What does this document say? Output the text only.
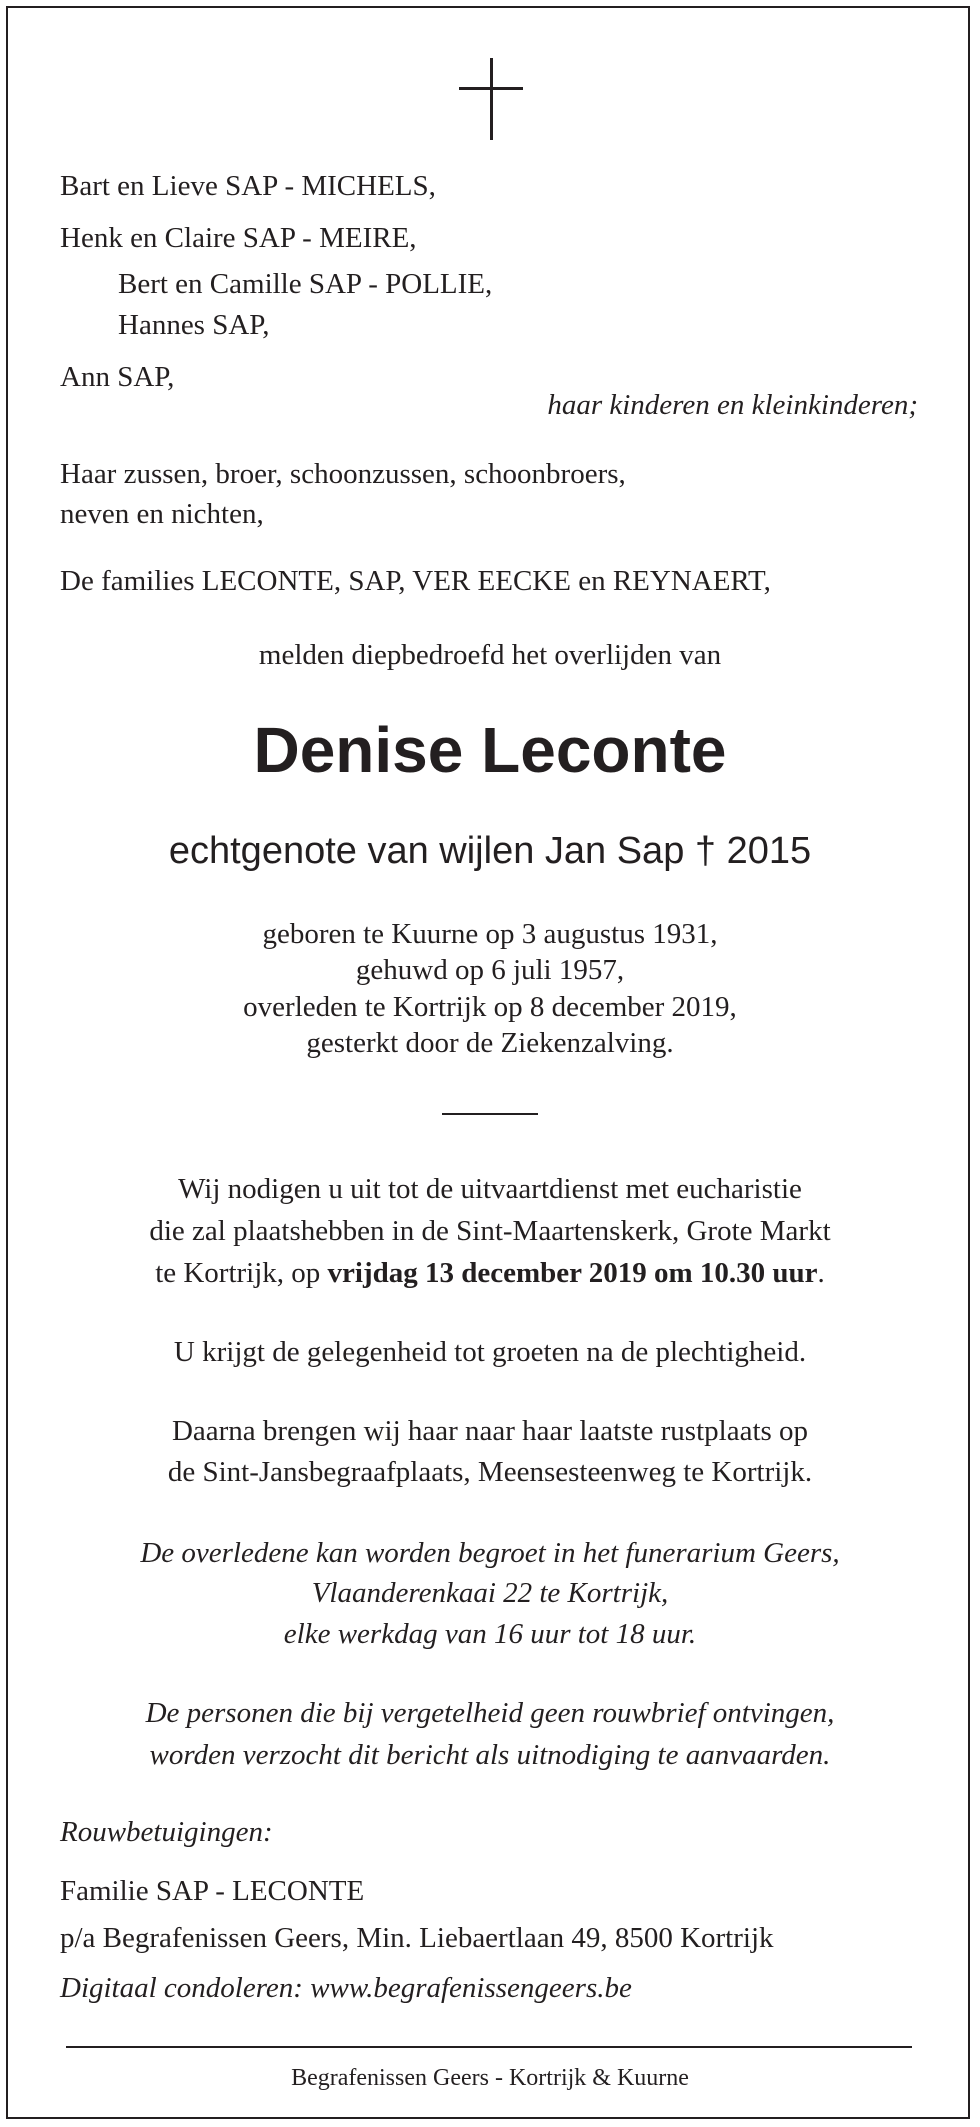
Bart en Lieve SAP - MICHELS,
Henk en Claire SAP - MEIRE,
Bert en Camille SAP - POLLIE,
Hannes SAP,
Ann SAP,
haar kinderen en kleinkinderen;
Haar zussen, broer, schoonzussen, schoonbroers,
neven en nichten,
De families LECONTE, SAP, VER EECKE en REYNAERT,
melden diepbedroefd het overlijden van
Denise Leconte
echtgenote van wijlen Jan Sap † 2015
geboren te Kuurne op 3 augustus 1931,
gehuwd op 6 juli 1957,
overleden te Kortrijk op 8 december 2019,
gesterkt door de Ziekenzalving.
Wij nodigen u uit tot de uitvaartdienst met eucharistie
die zal plaatshebben in de Sint-Maartenskerk, Grote Markt
te Kortrijk, op vrijdag 13 december 2019 om 10.30 uur.
U krijgt de gelegenheid tot groeten na de plechtigheid.
Daarna brengen wij haar naar haar laatste rustplaats op
de Sint-Jansbegraafplaats, Meensesteenweg te Kortrijk.
De overledene kan worden begroet in het funerarium Geers,
Vlaanderenkaai 22 te Kortrijk,
elke werkdag van 16 uur tot 18 uur.
De personen die bij vergetelheid geen rouwbrief ontvingen,
worden verzocht dit bericht als uitnodiging te aanvaarden.
Rouwbetuigingen:
Familie SAP - LECONTE
p/a Begrafenissen Geers, Min. Liebaertlaan 49, 8500 Kortrijk
Digitaal condoleren: www.begrafenissengeers.be
Begrafenissen Geers - Kortrijk & Kuurne
